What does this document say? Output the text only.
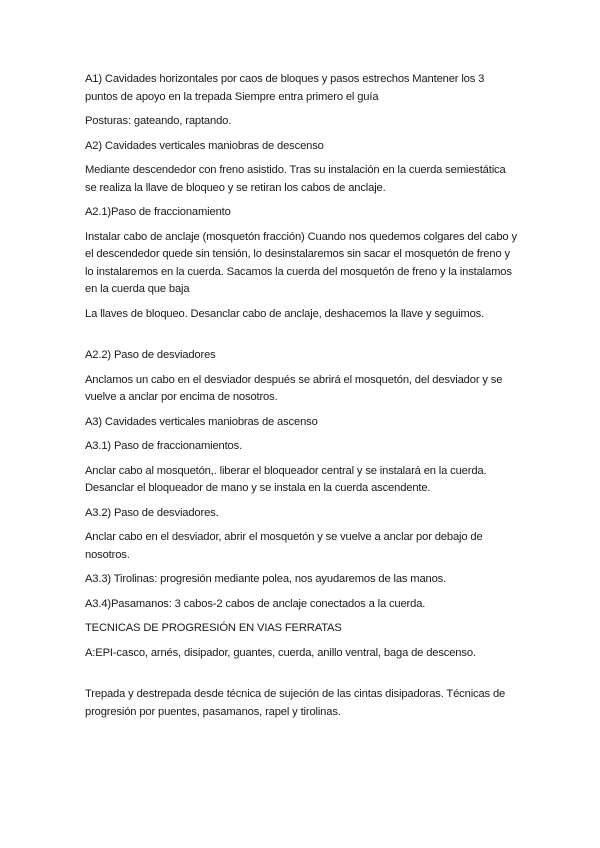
A1) Cavidades horizontales por caos de bloques y pasos estrechos Mantener los 3 puntos de apoyo en la trepada Siempre entra primero el guía

Posturas: gateando, raptando.

A2) Cavidades verticales maniobras de descenso

Mediante descendedor con freno asistido. Tras su instalación en la cuerda semiestática se realiza la llave de bloqueo y se retiran los cabos de anclaje.

A2.1)Paso de fraccionamiento

Instalar cabo de anclaje (mosquetón fracción) Cuando nos quedemos colgares del cabo y el descendedor quede sin tensión, lo desinstalaremos sin sacar el mosquetón de freno y lo instalaremos en la cuerda. Sacamos la cuerda del mosquetón de freno y la instalamos en la cuerda que baja

La llaves de bloqueo. Desanclar cabo de anclaje, deshacemos la llave y seguimos.

A2.2) Paso de desviadores

Anclamos un cabo en el desviador después se abrirá el mosquetón, del desviador y se vuelve a anclar por encima de nosotros.

A3) Cavidades verticales maniobras de ascenso

A3.1) Paso de fraccionamientos.

Anclar cabo al mosquetón,. liberar el bloqueador central y se instalará en la cuerda. Desanclar el bloqueador de mano y se instala en la cuerda ascendente.

A3.2) Paso de desviadores.

Anclar cabo en el desviador, abrir el mosquetón y se vuelve a anclar por debajo de nosotros.

A3.3) Tirolinas: progresión mediante polea, nos ayudaremos de las manos.

A3.4)Pasamanos: 3 cabos-2 cabos de anclaje conectados a la cuerda.

TECNICAS DE PROGRESIÓN EN VIAS FERRATAS

A:EPI-casco, arnés, disipador, guantes, cuerda, anillo ventral, baga de descenso.

Trepada y destrepada desde técnica de sujeción de las cintas disipadoras. Técnicas de progresión por puentes, pasamanos, rapel y tirolinas.
